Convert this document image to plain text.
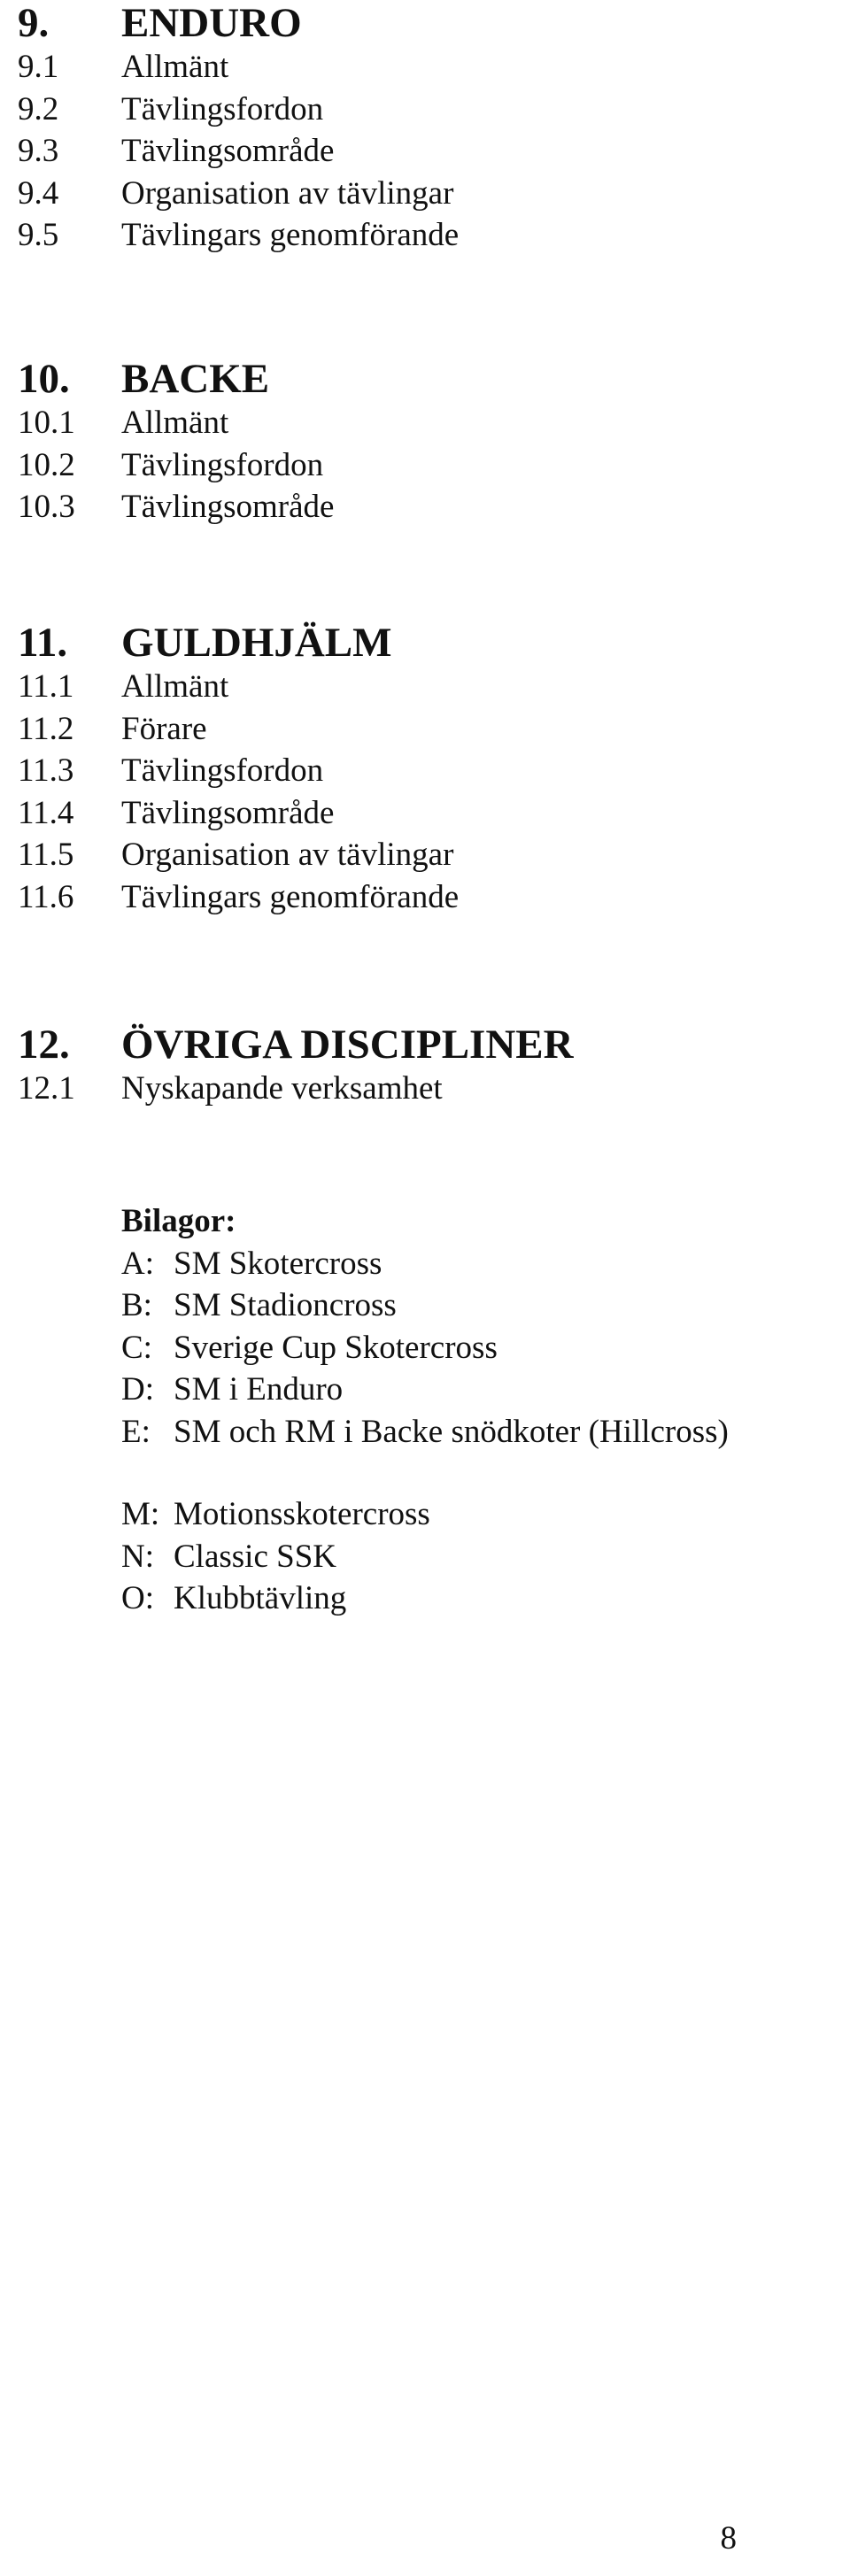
9.	ENDURO
9.1	Allmänt
9.2	Tävlingsfordon
9.3	Tävlingsområde
9.4	Organisation av tävlingar
9.5	Tävlingars genomförande
10.	BACKE
10.1	Allmänt
10.2	Tävlingsfordon
10.3	Tävlingsområde
11.	GULDHJÄLM
11.1	Allmänt
11.2	Förare
11.3	Tävlingsfordon
11.4	Tävlingsområde
11.5	Organisation av tävlingar
11.6	Tävlingars genomförande
12.	ÖVRIGA DISCIPLINER
12.1	Nyskapande verksamhet
Bilagor:
A: SM Skotercross
B: SM Stadioncross
C: Sverige Cup Skotercross
D: SM i Enduro
E: SM och RM i Backe snödkoter (Hillcross)
M: Motionsskotercross
N: Classic SSK
O: Klubbtävling
8
